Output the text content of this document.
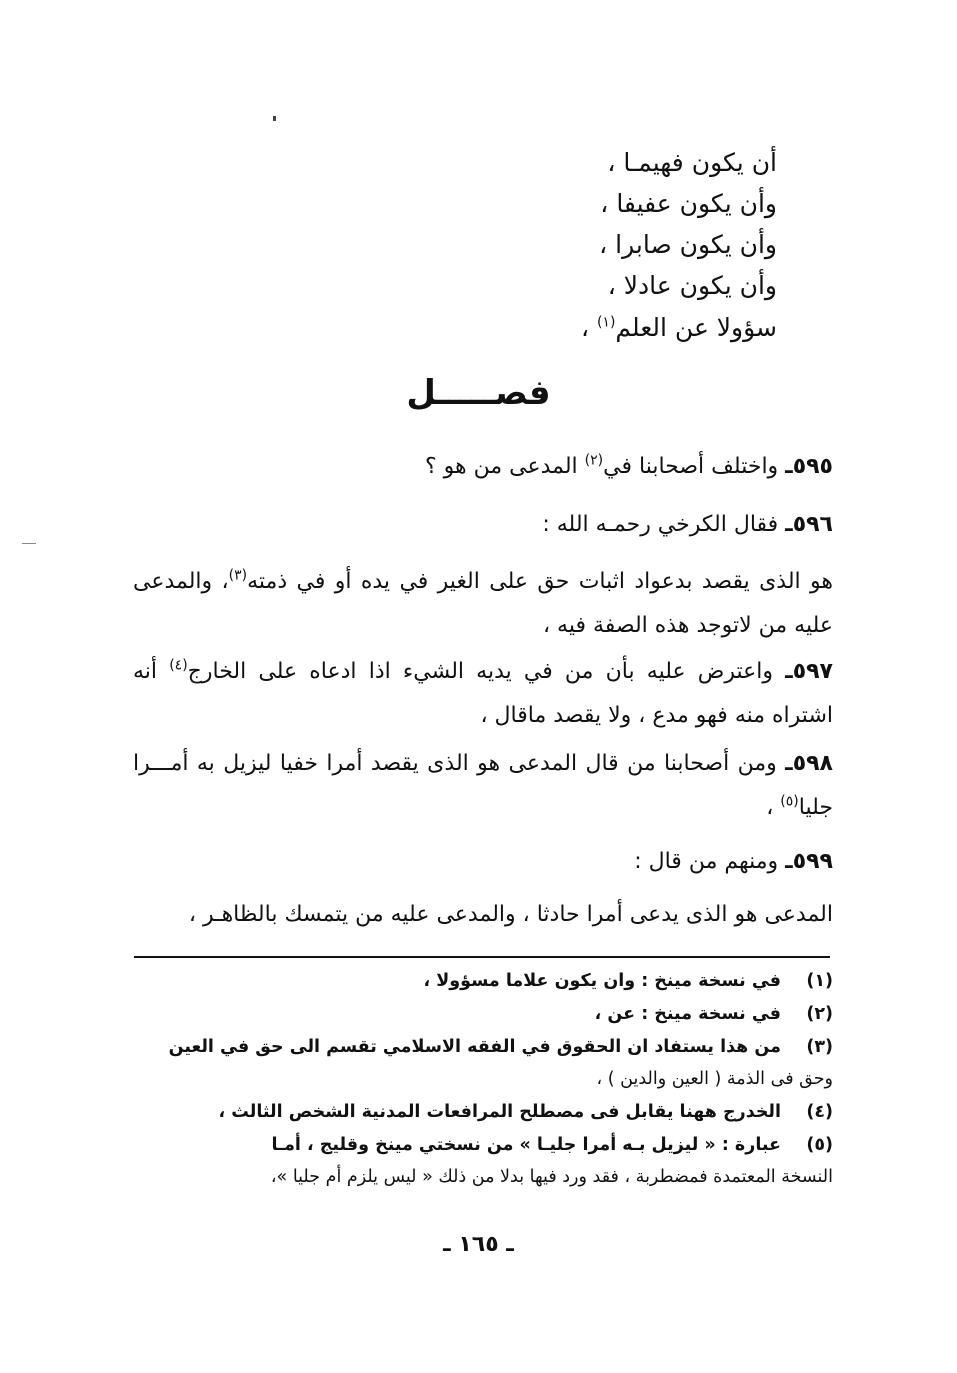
أن يكون فهيمـا ،
وأن يكون عفيفا ،
وأن يكون صابرا ،
وأن يكون عادلا ،
سؤولا عن العلم$^{(١)}$ ،
فصـــــل
٥٩٥ـ واختلف أصحابنا في$^{(٢)}$ المدعى من هو ؟
٥٩٦ـ فقال الكرخي رحمـه الله :
هو الذى يقصد بدعواد اثبات حق على الغير في يده أو في ذمته$^{(٣)}$، والمدعى عليه من لاتوجد هذه الصفة فيه ،
٥٩٧ـ واعترض عليه بأن من في يديه الشيء اذا ادعاه على الخارج$^{(٤)}$ أنه اشتراه منه فهو مدع ، ولا يقصد ماقال ،
٥٩٨ـ ومن أصحابنا من قال المدعى هو الذى يقصد أمرا خفيا ليزيل به أمـــرا جليا$^{(٥)}$ ،
٥٩٩ـ ومنهم من قال :
المدعى هو الذى يدعى أمرا حادثا ، والمدعى عليه من يتمسك بالظاهـر ،
(١)في نسخة مينخ : وان يكون علاما مسؤولا ،
(٢)في نسخة مينخ : عن ،
(٣)من هذا يستفاد ان الحقوق في الفقه الاسلامي تقسم الى حق في العين
وحق فى الذمة ( العين والدين ) ،
(٤)الخدرج ههنا يقابل فى مصطلح المرافعات المدنية الشخص الثالث ،
(٥)عبارة : « ليزيل بـه أمرا جليـا » من نسختي مينخ وقليج ، أمـا
النسخة المعتمدة فمضطربة ، فقد ورد فيها بدلا من ذلك « ليس يلزم أم جليا »،
ـ ١٦٥ ـ
